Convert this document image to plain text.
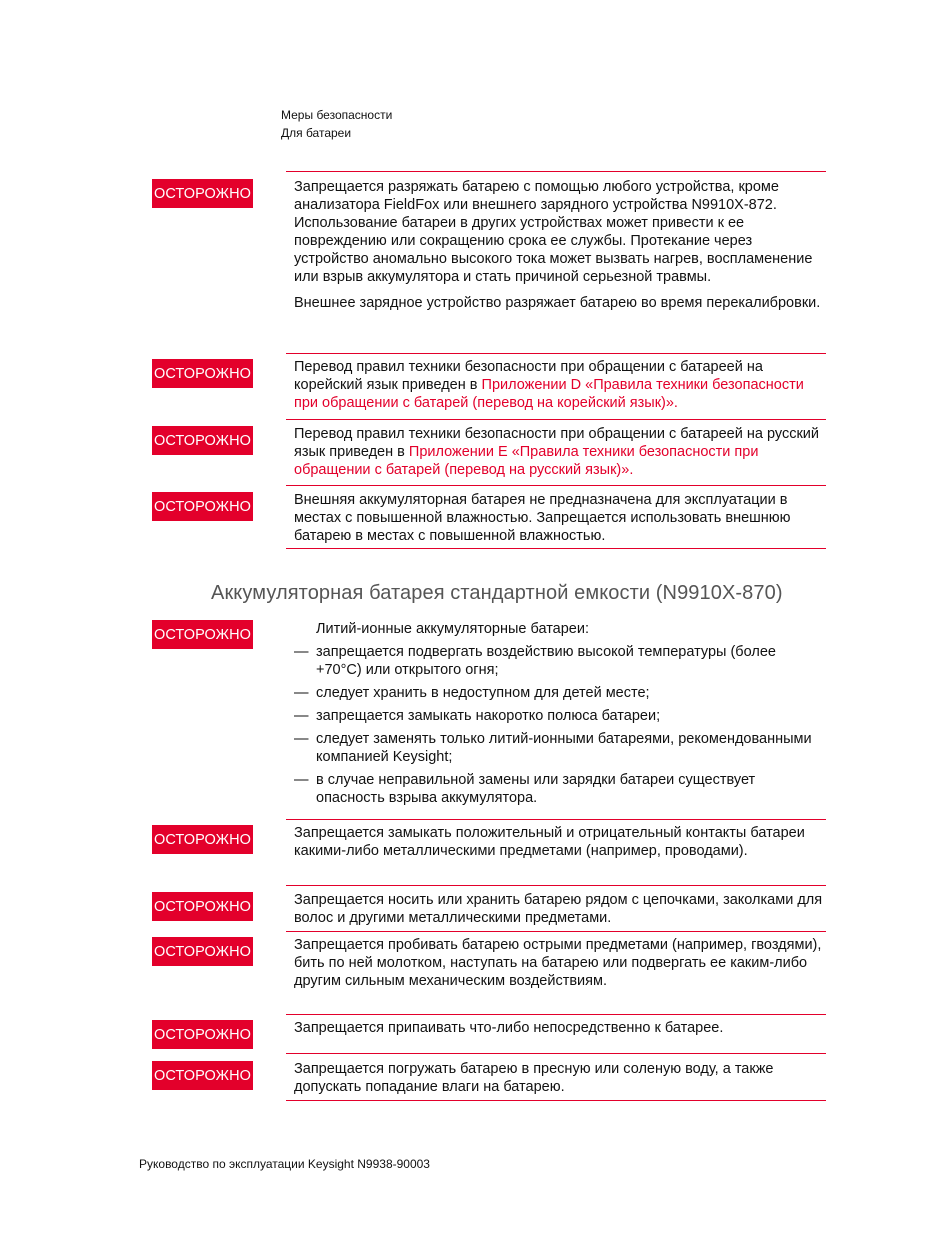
Меры безопасности
Для батареи
ОСТОРОЖНО	Запрещается разряжать батарею с помощью любого устройства, кроме анализатора FieldFox или внешнего зарядного устройства N9910X-872. Использование батареи в других устройствах может привести к ее повреждению или сокращению срока ее службы. Протекание через устройство аномально высокого тока может вызвать нагрев, воспламенение или взрыв аккумулятора и стать причиной серьезной травмы.

Внешнее зарядное устройство разряжает батарею во время перекалибровки.

ОСТОРОЖНО	Перевод правил техники безопасности при обращении с батареей на корейский язык приведен в Приложении D «Правила техники безопасности при обращении с батарей (перевод на корейский язык)».

ОСТОРОЖНО	Перевод правил техники безопасности при обращении с батареей на русский язык приведен в Приложении E «Правила техники безопасности при обращении с батарей (перевод на русский язык)».

ОСТОРОЖНО	Внешняя аккумуляторная батарея не предназначена для эксплуатации в местах с повышенной влажностью. Запрещается использовать внешнюю батарею в местах с повышенной влажностью.

Аккумуляторная батарея стандартной емкости (N9910X-870)
ОСТОРОЖНО	Литий-ионные аккумуляторные батареи:

— запрещается подвергать воздействию высокой температуры (более +70°C) или открытого огня;
— следует хранить в недоступном для детей месте;
— запрещается замыкать накоротко полюса батареи;
— следует заменять только литий-ионными батареями, рекомендованными компанией Keysight;
— в случае неправильной замены или зарядки батареи существует опасность взрыва аккумулятора.
ОСТОРОЖНО	Запрещается замыкать положительный и отрицательный контакты батареи какими-либо металлическими предметами (например, проводами).

ОСТОРОЖНО	Запрещается носить или хранить батарею рядом с цепочками, заколками для волос и другими металлическими предметами.

ОСТОРОЖНО	Запрещается пробивать батарею острыми предметами (например, гвоздями), бить по ней молотком, наступать на батарею или подвергать ее каким-либо другим сильным механическим воздействиям.

ОСТОРОЖНО	Запрещается припаивать что-либо непосредственно к батарее.

ОСТОРОЖНО	Запрещается погружать батарею в пресную или соленую воду, а также допускать попадание влаги на батарею.

Руководство по эксплуатации Keysight N9938-90003
